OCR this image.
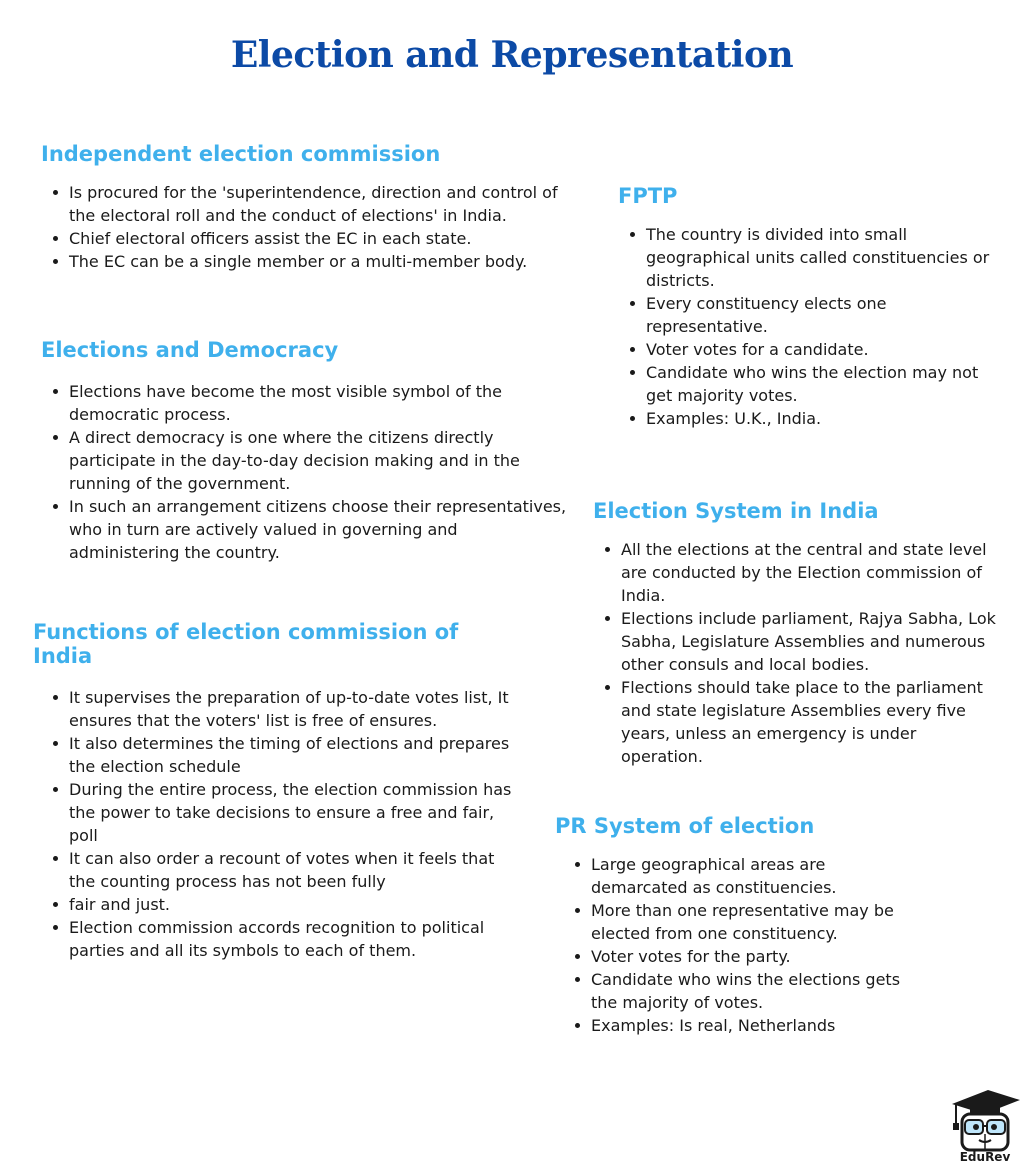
Election and Representation
Independent election commission
Is procured for the 'superintendence, direction and control of the electoral roll and the conduct of elections' in India.
Chief electoral officers assist the EC in each state.
The EC can be a single member or a multi-member body.
Elections and Democracy
Elections have become the most visible symbol of the democratic process.
A direct democracy is one where the citizens directly participate in the day-to-day decision making and in the running of the government.
In such an arrangement citizens choose their representatives, who in turn are actively valued in governing and administering the country.
Functions of election commission of India
It supervises the preparation of up-to-date votes list, It ensures that the voters' list is free of ensures.
It also determines the timing of elections and prepares the election schedule
During the entire process, the election commission has the power to take decisions to ensure a free and fair, poll
It can also order a recount of votes when it feels that the counting process has not been fully
fair and just.
Election commission accords recognition to political parties and all its symbols to each of them.
FPTP
The country is divided into small geographical units called constituencies or districts.
Every constituency elects one representative.
Voter votes for a candidate.
Candidate who wins the election may not get majority votes.
Examples: U.K., India.
Election System in India
All the elections at the central and state level are conducted by the Election commission of India.
Elections include parliament, Rajya Sabha, Lok Sabha, Legislature Assemblies and numerous other consuls and local bodies.
Flections should take place to the parliament and state legislature Assemblies every five years, unless an emergency is under operation.
PR System of election
Large geographical areas are demarcated as constituencies.
More than one representative may be elected from one constituency.
Voter votes for the party.
Candidate who wins the elections gets the majority of votes.
Examples: Is real, Netherlands
EduRev
